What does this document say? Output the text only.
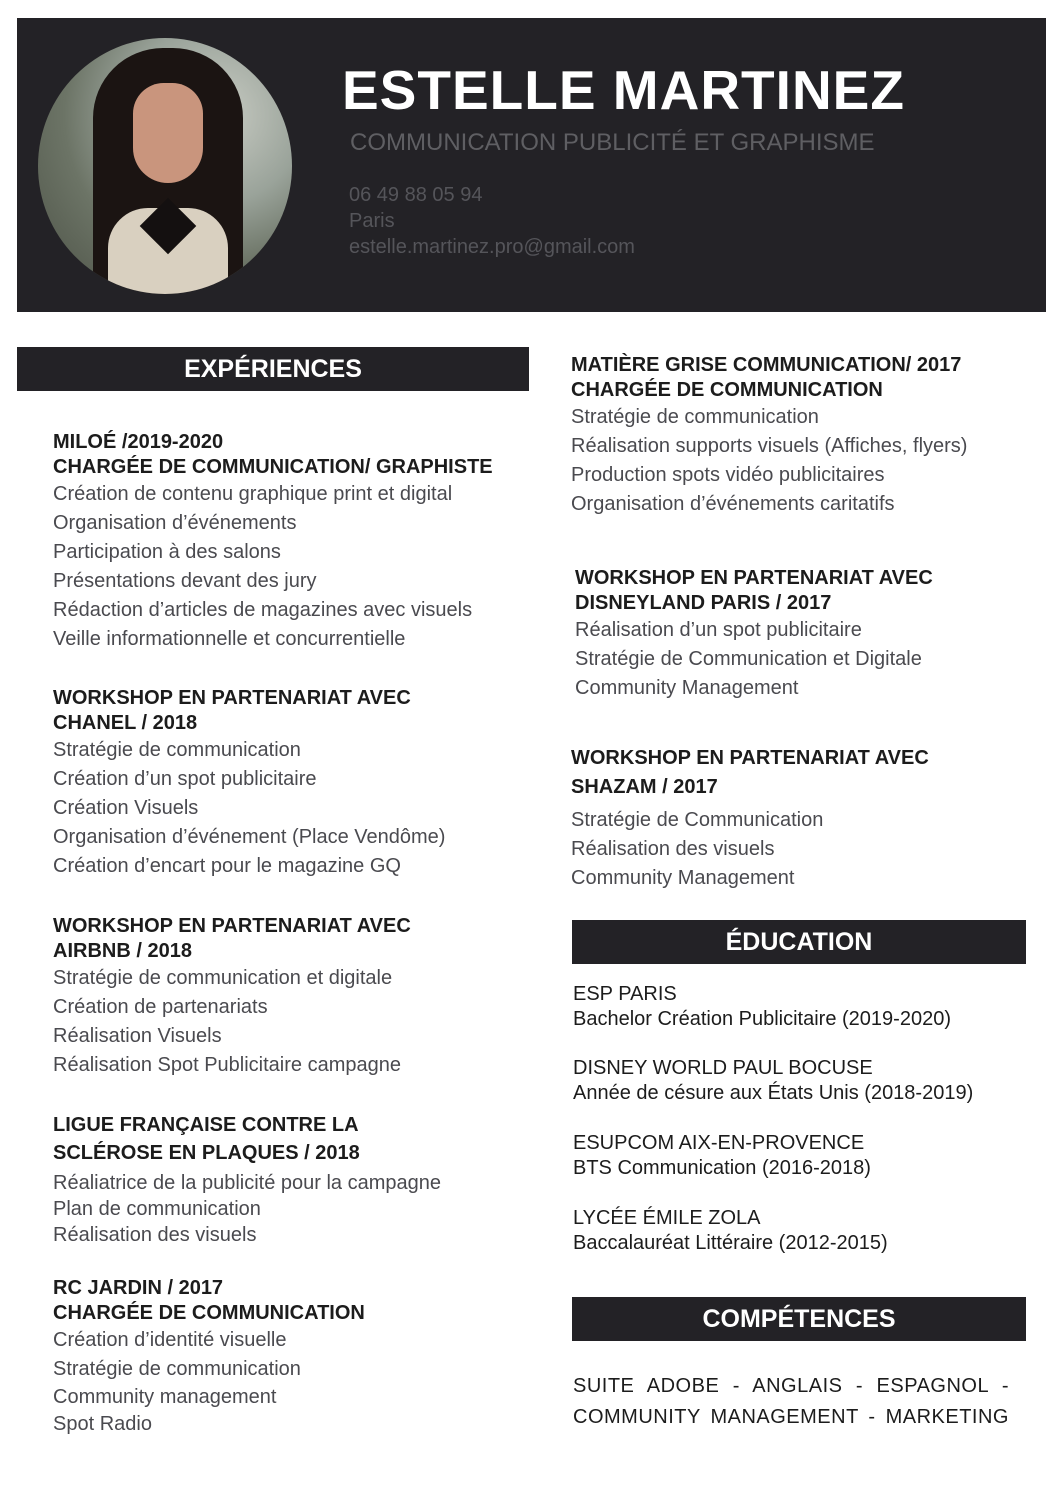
ESTELLE MARTINEZ
COMMUNICATION PUBLICITÉ ET GRAPHISME
06 49 88 05 94
Paris
estelle.martinez.pro@gmail.com
EXPÉRIENCES
ÉDUCATION
COMPÉTENCES
MILOÉ /2019-2020
CHARGÉE DE COMMUNICATION/ GRAPHISTE
Création de contenu graphique print et digital
Organisation d’événements
Participation à des salons
Présentations devant des jury
Rédaction d’articles de magazines avec visuels
Veille informationnelle et concurrentielle
WORKSHOP EN PARTENARIAT AVEC
CHANEL / 2018
Stratégie de communication
Création d’un spot publicitaire
Création Visuels
Organisation d’événement (Place Vendôme)
Création d’encart pour le magazine GQ
WORKSHOP EN PARTENARIAT AVEC
AIRBNB / 2018
Stratégie de communication et digitale
Création de partenariats
Réalisation Visuels
Réalisation Spot Publicitaire campagne
LIGUE FRANÇAISE CONTRE LA
SCLÉROSE EN PLAQUES / 2018
Réaliatrice de la publicité pour la campagne
Plan de communication
Réalisation des visuels
RC JARDIN / 2017
CHARGÉE DE COMMUNICATION
Création d’identité visuelle
Stratégie de communication
Community management
Spot Radio
MATIÈRE GRISE COMMUNICATION/ 2017
CHARGÉE DE COMMUNICATION
Stratégie de communication
Réalisation supports visuels (Affiches, flyers)
Production spots vidéo publicitaires
Organisation d’événements caritatifs
WORKSHOP EN PARTENARIAT AVEC
DISNEYLAND PARIS / 2017
Réalisation d’un spot publicitaire
Stratégie de Communication et Digitale
Community Management
WORKSHOP EN PARTENARIAT AVEC
SHAZAM / 2017
Stratégie de Communication
Réalisation des visuels
Community Management
ESP PARIS
Bachelor Création Publicitaire (2019-2020)
DISNEY WORLD PAUL BOCUSE
Année de césure aux États Unis (2018-2019)
ESUPCOM AIX-EN-PROVENCE
BTS Communication (2016-2018)
LYCÉE ÉMILE ZOLA
Baccalauréat Littéraire (2012-2015)
SUITE ADOBE - ANGLAIS - ESPAGNOL -
COMMUNITY MANAGEMENT - MARKETING
